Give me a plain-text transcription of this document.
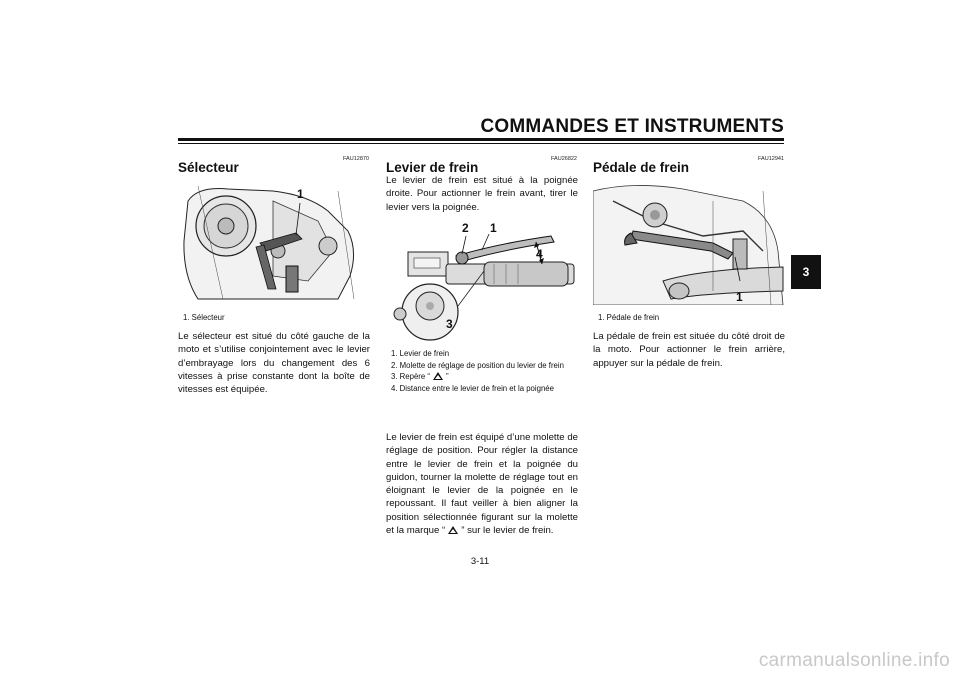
COMMANDES ET INSTRUMENTS
FAU12870
Sélecteur
1
1. Sélecteur
Le sélecteur est situé du côté gauche de la moto et s’utilise conjointement avec le levier d’embrayage lors du changement des 6 vitesses à prise constante dont la boîte de vitesses est équipée.
FAU26822
Levier de frein
Le levier de frein est situé à la poignée droite. Pour actionner le frein avant, tirer le levier vers la poignée.
2 1
4
3
1. Levier de frein
2. Molette de réglage de position du levier de frein
3. Repère “ ”
4. Distance entre le levier de frein et la poignée
Le levier de frein est équipé d’une molette de réglage de position. Pour régler la distance entre le levier de frein et la poignée du guidon, tourner la molette de réglage tout en éloignant le levier de la poignée en le repoussant. Il faut veiller à bien aligner la position sélectionnée figurant sur la molette et la marque “ ” sur le levier de frein.
FAU12941
Pédale de frein
1
1. Pédale de frein
La pédale de frein est située du côté droit de la moto. Pour actionner le frein arrière, appuyer sur la pédale de frein.
3
3-11
carmanualsonline.info
